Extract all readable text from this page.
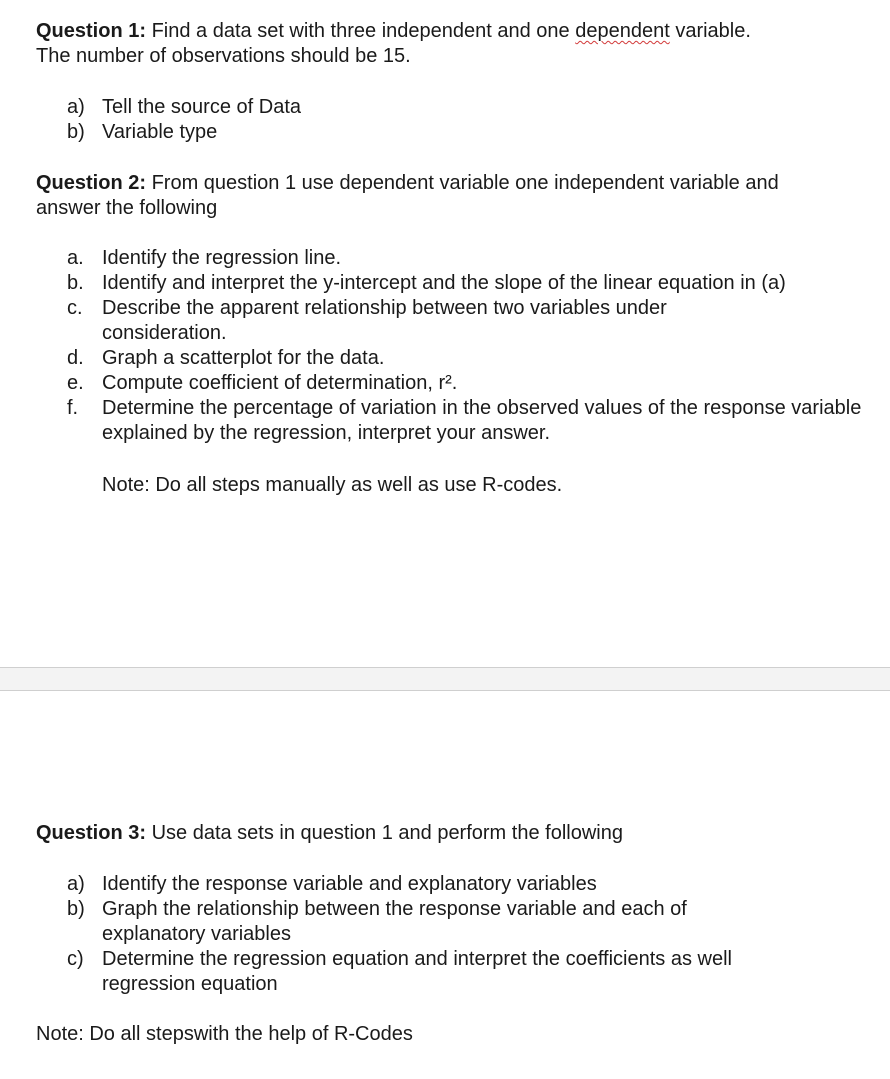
Question 1: Find a data set with three independent and one dependent variable.
The number of observations should be 15.
a) Tell the source of Data
b) Variable type
Question 2: From question 1 use dependent variable one independent variable and
answer the following
a. Identify the regression line.
b. Identify and interpret the y-intercept and the slope of the linear equation in (a)
c. Describe the apparent relationship between two variables under consideration.
d. Graph a scatterplot for the data.
e. Compute coefficient of determination, r².
f. Determine the percentage of variation in the observed values of the response variable explained by the regression, interpret your answer.
Note: Do all steps manually as well as use R-codes.
Question 3: Use data sets in question 1 and perform the following
a) Identify the response variable and explanatory variables
b) Graph the relationship between the response variable and each of explanatory variables
c) Determine the regression equation and interpret the coefficients as well regression equation
Note: Do all stepswith the help of R-Codes
